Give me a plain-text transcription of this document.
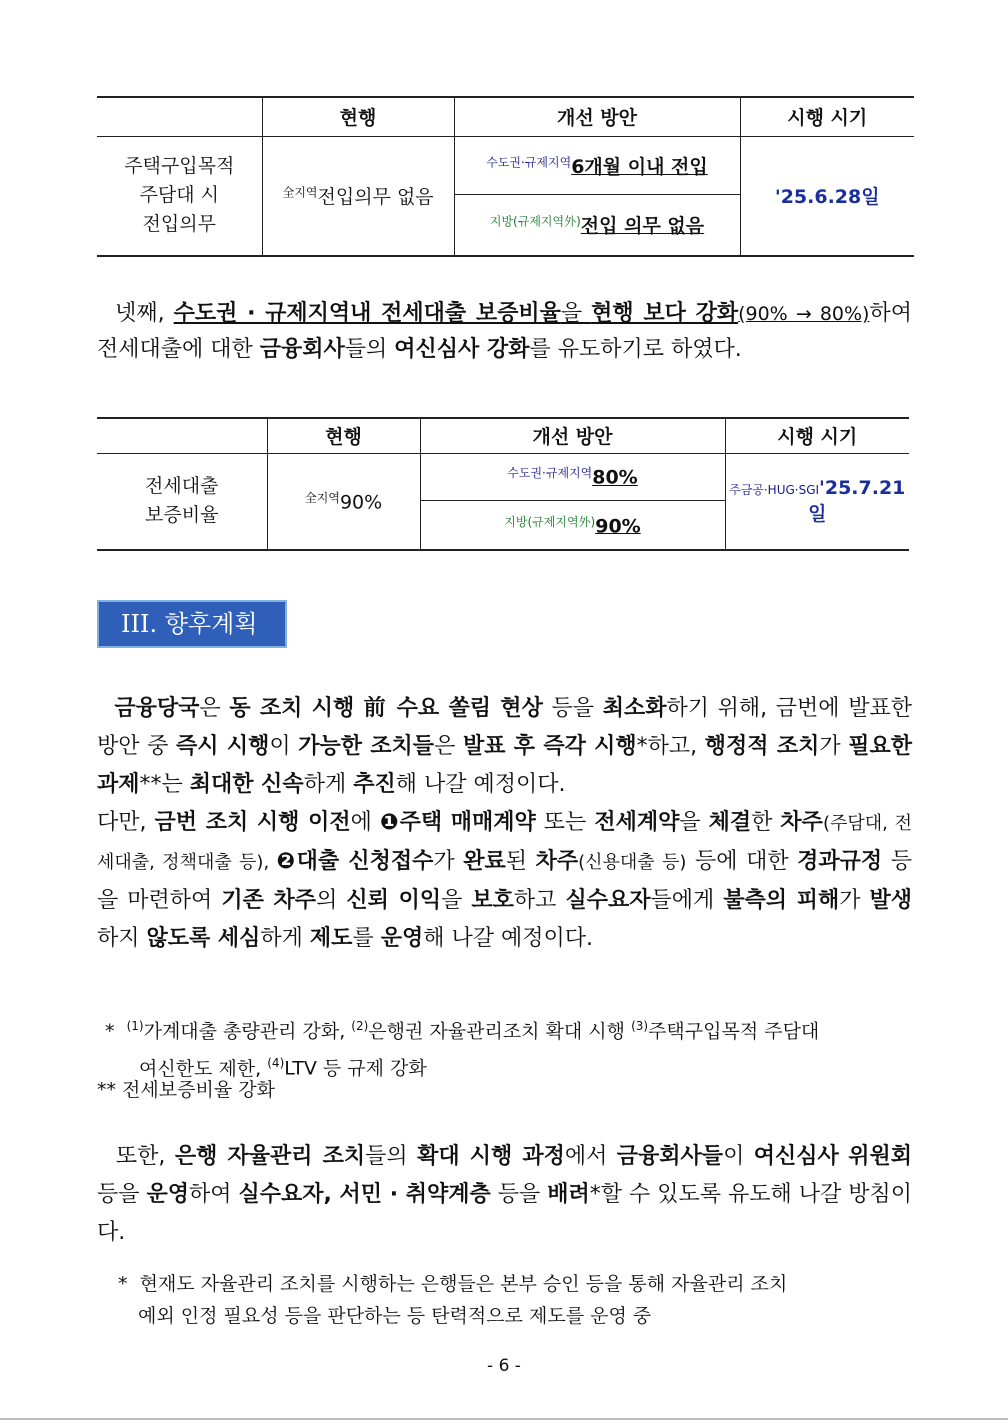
	현행	개선 방안	시행 시기

주택구입목적
주담대 시
전입의무	$^{全지역}$전입의무 없음	$^{수도권\cdot 규제지역}$6개월 이내 전입	'25.6.28일
		$^{지방(규제지역外)}$전입 의무 없음	
넷째, 수도권 · 규제지역내 전세대출 보증비율을 현행 보다 강화(90% → 80%)하여 전세대출에 대한 금융회사들의 여신심사 강화를 유도하기로 하였다.
	현행	개선 방안	시행 시기

전세대출
보증비율	$^{全지역}$90%	$^{수도권\cdot 규제지역}$80%	주금공·HUG·SGI'25.7.21일
		$^{지방(규제지역外)}$90%	
III. 향후계획
금융당국은 동 조치 시행 前 수요 쏠림 현상 등을 최소화하기 위해, 금번에 발표한 방안 중 즉시 시행이 가능한 조치들은 발표 후 즉각 시행*하고, 행정적 조치가 필요한 과제**는 최대한 신속하게 추진해 나갈 예정이다.
다만, 금번 조치 시행 이전에 ❶주택 매매계약 또는 전세계약을 체결한 차주(주담대, 전세대출, 정책대출 등), ❷대출 신청접수가 완료된 차주(신용대출 등) 등에 대한 경과규정 등을 마련하여 기존 차주의 신뢰 이익을 보호하고 실수요자들에게 불측의 피해가 발생하지 않도록 세심하게 제도를 운영해 나갈 예정이다.
* $^{(1)}$가계대출 총량관리 강화, $^{(2)}$은행권 자율관리조치 확대 시행 $^{(3)}$주택구입목적 주담대
여신한도 제한, $^{(4)}$LTV 등 규제 강화
** 전세보증비율 강화
또한, 은행 자율관리 조치들의 확대 시행 과정에서 금융회사들이 여신심사 위원회 등을 운영하여 실수요자, 서민 · 취약계층 등을 배려*할 수 있도록 유도해 나갈 방침이다.
* 현재도 자율관리 조치를 시행하는 은행들은 본부 승인 등을 통해 자율관리 조치
예외 인정 필요성 등을 판단하는 등 탄력적으로 제도를 운영 중
- 6 -
